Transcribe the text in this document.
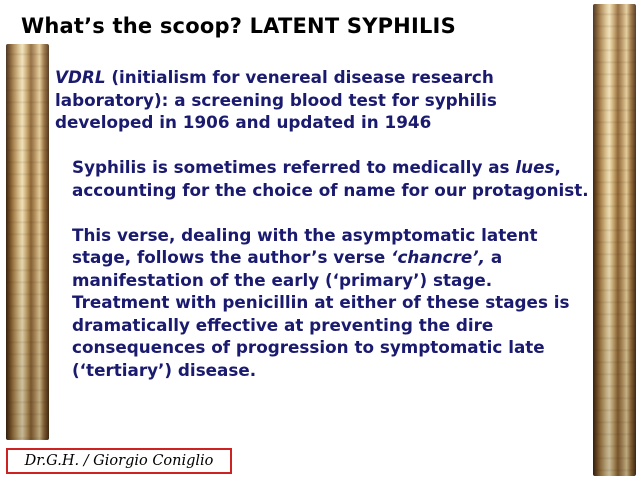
What’s the scoop? LATENT SYPHILIS

VDRL (initialism for venereal disease research laboratory): a screening blood test for syphilis developed in 1906 and updated in 1946

Syphilis is sometimes referred to medically as lues, accounting for the choice of name for our protagonist.

This verse, dealing with the asymptomatic latent stage, follows the author’s verse ‘chancre’, a manifestation of the early (‘primary’) stage. Treatment with penicillin at either of these stages is dramatically effective at preventing the dire consequences of progression to symptomatic late (‘tertiary’) disease.

Dr.G.H. / Giorgio Coniglio
